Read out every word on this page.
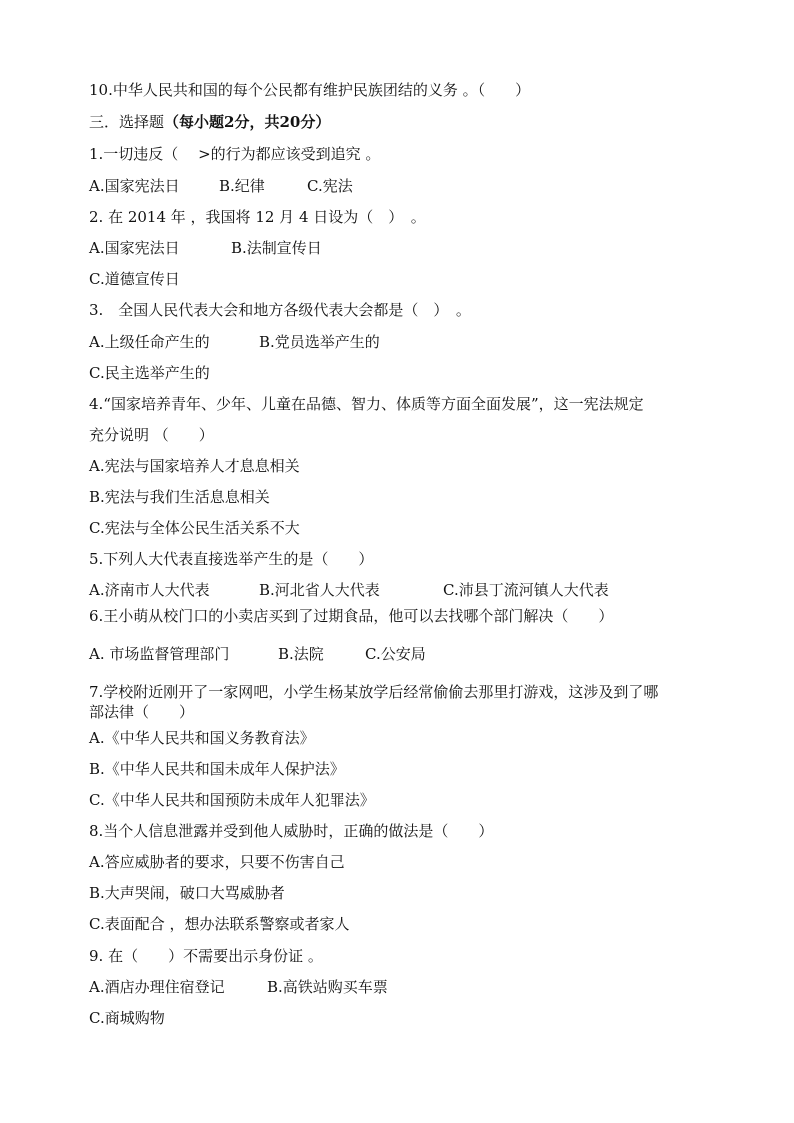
10.中华人民共和国的每个公民都有维护民族团结的义务 。（　　）
三．选择题（每小题2分，共20分）
1.一切违反（　 >的行为都应该受到追究 。
A.国家宪法日	B.纪律	C.宪法
2. 在 2014 年 ，我国将 12 月 4 日设为（　）　。
A.国家宪法日	B.法制宣传日
C.道德宣传日
3.　全国人民代表大会和地方各级代表大会都是（　）　。
A.上级任命产生的	B.党员选举产生的
C.民主选举产生的
4.“国家培养青年、少年、儿童在品德、智力、体质等方面全面发展”，这一宪法规定
充分说明 （　　）
A.宪法与国家培养人才息息相关
B.宪法与我们生活息息相关
C.宪法与全体公民生活关系不大
5.下列人大代表直接选举产生的是（　　）
A.济南市人大代表	B.河北省人大代表	C.沛县丁流河镇人大代表
6.王小萌从校门口的小卖店买到了过期食品，他可以去找哪个部门解决（　　）
A. 市场监督管理部门	B.法院	C.公安局
7.学校附近刚开了一家网吧，小学生杨某放学后经常偷偷去那里打游戏，这涉及到了哪
部法律（　　）
A.《中华人民共和国义务教育法》
B.《中华人民共和国未成年人保护法》
C.《中华人民共和国预防未成年人犯罪法》
8.当个人信息泄露并受到他人威胁时，正确的做法是（　　）
A.答应威胁者的要求，只要不伤害自己
B.大声哭闹，破口大骂威胁者
C.表面配合 ，想办法联系警察或者家人
9. 在（　　）不需要出示身份证 。
A.酒店办理住宿登记	B.高铁站购买车票
C.商城购物
